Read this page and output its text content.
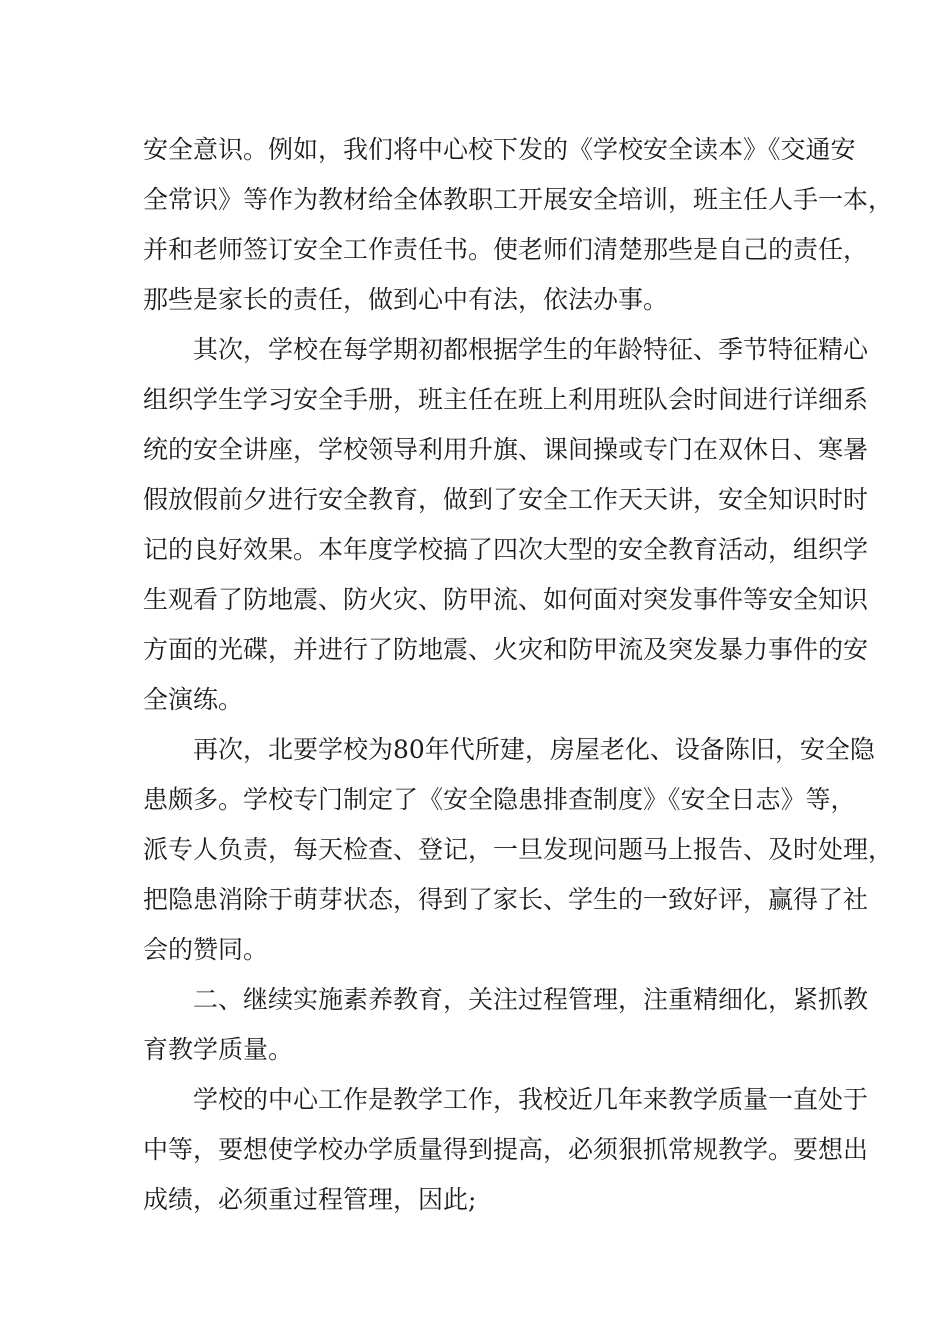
安全意识。例如，我们将中心校下发的《学校安全读本》《交通安
全常识》等作为教材给全体教职工开展安全培训，班主任人手一本，
并和老师签订安全工作责任书。使老师们清楚那些是自己的责任，
那些是家长的责任，做到心中有法，依法办事。
其次，学校在每学期初都根据学生的年龄特征、季节特征精心
组织学生学习安全手册，班主任在班上利用班队会时间进行详细系
统的安全讲座，学校领导利用升旗、课间操或专门在双休日、寒暑
假放假前夕进行安全教育，做到了安全工作天天讲，安全知识时时
记的良好效果。本年度学校搞了四次大型的安全教育活动，组织学
生观看了防地震、防火灾、防甲流、如何面对突发事件等安全知识
方面的光碟，并进行了防地震、火灾和防甲流及突发暴力事件的安
全演练。
再次，北要学校为80年代所建，房屋老化、设备陈旧，安全隐
患颇多。学校专门制定了《安全隐患排查制度》《安全日志》等，
派专人负责，每天检查、登记，一旦发现问题马上报告、及时处理，
把隐患消除于萌芽状态，得到了家长、学生的一致好评，赢得了社
会的赞同。
二、继续实施素养教育，关注过程管理，注重精细化，紧抓教
育教学质量。
学校的中心工作是教学工作，我校近几年来教学质量一直处于
中等，要想使学校办学质量得到提高，必须狠抓常规教学。要想出
成绩，必须重过程管理，因此;
